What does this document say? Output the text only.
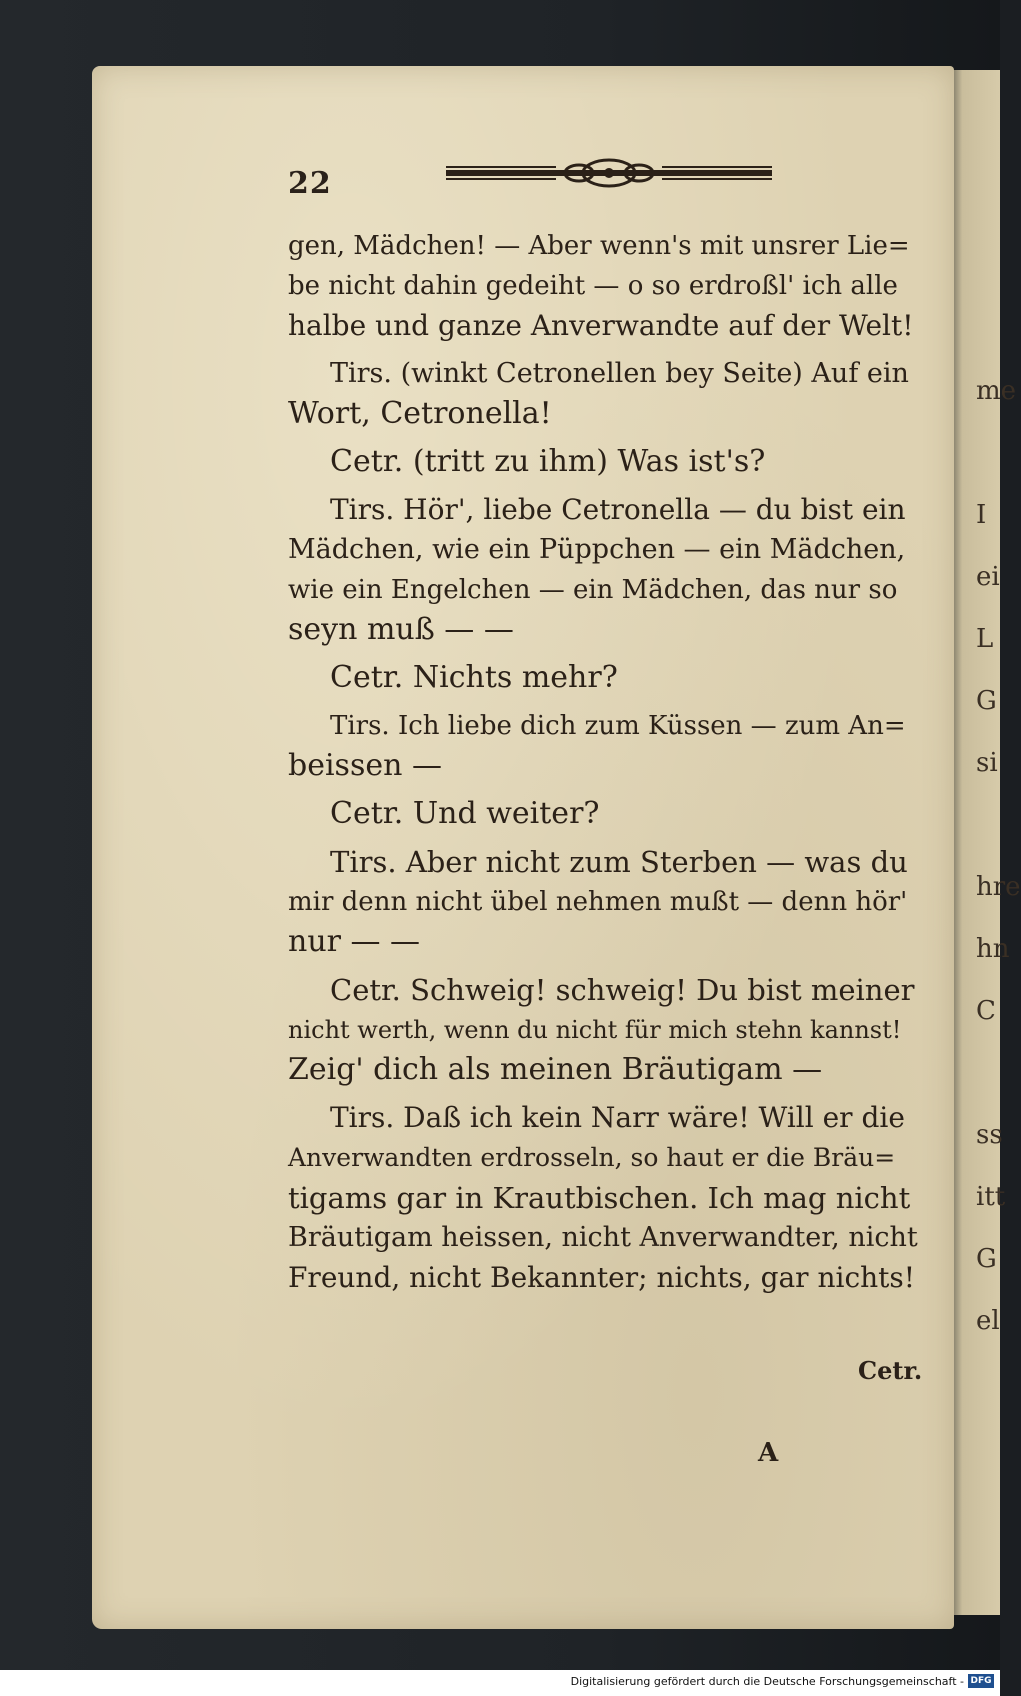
me

I
ei
L
G
si

hre
hn
C

ss
itt
G
el
22
gen, Mädchen! — Aber wenn's mit unsrer Lie=
be nicht dahin gedeiht — o so erdroßl' ich alle
halbe und ganze Anverwandte auf der Welt!
Tirs. (winkt Cetronellen bey Seite) Auf ein
Wort, Cetronella!
Cetr. (tritt zu ihm) Was ist's?
Tirs. Hör', liebe Cetronella — du bist ein
Mädchen, wie ein Püppchen — ein Mädchen,
wie ein Engelchen — ein Mädchen, das nur so
seyn muß — —
Cetr. Nichts mehr?
Tirs. Ich liebe dich zum Küssen — zum An=
beissen —
Cetr. Und weiter?
Tirs. Aber nicht zum Sterben — was du
mir denn nicht übel nehmen mußt — denn hör'
nur — —
Cetr. Schweig! schweig! Du bist meiner
nicht werth, wenn du nicht für mich stehn kannst!
Zeig' dich als meinen Bräutigam —
Tirs. Daß ich kein Narr wäre! Will er die
Anverwandten erdrosseln, so haut er die Bräu=
tigams gar in Krautbischen. Ich mag nicht
Bräutigam heissen, nicht Anverwandter, nicht
Freund, nicht Bekannter; nichts, gar nichts!
Cetr.
A
Digitalisierung gefördert durch die Deutsche Forschungsgemeinschaft - DFG
